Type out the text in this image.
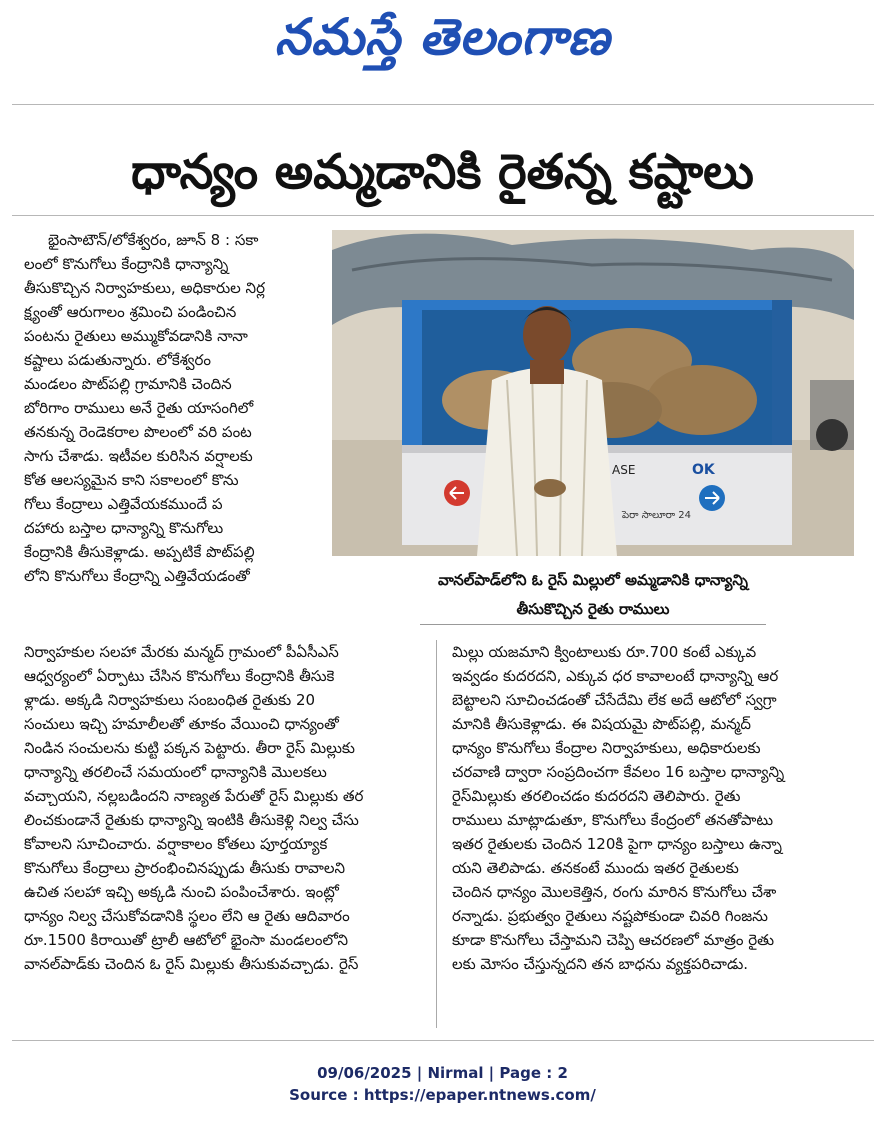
నమస్తే తెలంగాణ
ధాన్యం అమ్మడానికి రైతన్న కష్టాలు
భైంసాటౌన్/లోకేశ్వరం, జూన్ 8 : సకా
లంలో కొనుగోలు కేంద్రానికి ధాన్యాన్ని
తీసుకొచ్చిన నిర్వాహకులు, అధికారుల నిర్ల
క్ష్యంతో ఆరుగాలం శ్రమించి పండించిన
పంటను రైతులు అమ్ముకోవడానికి నానా
కష్టాలు పడుతున్నారు. లోకేశ్వరం
మండలం పొట్‌పల్లి గ్రామానికి చెందిన
బోరిగాం రాములు అనే రైతు యాసంగిలో
తనకున్న రెండెకరాల పొలంలో వరి పంట
సాగు చేశాడు. ఇటీవల కురిసిన వర్షాలకు
కోత ఆలస్యమైన కాని సకాలంలో కొను
గోలు కేంద్రాలు ఎత్తివేయకముందే ప
దహారు బస్తాల ధాన్యాన్ని కొనుగోలు
కేంద్రానికి తీసుకెళ్లాడు. అప్పటికే పొట్‌పల్లి
లోని కొనుగోలు కేంద్రాన్ని ఎత్తివేయడంతో
ASE	OK
పెరా సాలూరా 24
వానల్‌పాడ్‌లోని ఓ రైస్ మిల్లులో అమ్మడానికి ధాన్యాన్ని
తీసుకొచ్చిన రైతు రాములు
నిర్వాహకుల సలహా మేరకు మన్మద్ గ్రామంలో పీఏసీఎస్
ఆధ్వర్యంలో ఏర్పాటు చేసిన కొనుగోలు కేంద్రానికి తీసుకె
ళ్లాడు. అక్కడి నిర్వాహకులు సంబంధిత రైతుకు 20
సంచులు ఇచ్చి హమాలీలతో తూకం వేయించి ధాన్యంతో
నిండిన సంచులను కుట్టి పక్కన పెట్టారు. తీరా రైస్ మిల్లుకు
ధాన్యాన్ని తరలించే సమయంలో ధాన్యానికి మొలకలు
వచ్చాయని, నల్లబడిందని నాణ్యత పేరుతో రైస్ మిల్లుకు తర
లించకుండానే రైతుకు ధాన్యాన్ని ఇంటికి తీసుకెళ్లి నిల్వ చేసు
కోవాలని సూచించారు. వర్షాకాలం కోతలు పూర్తయ్యాక
కొనుగోలు కేంద్రాలు ప్రారంభించినప్పుడు తీసుకు రావాలని
ఉచిత సలహా ఇచ్చి అక్కడి నుంచి పంపించేశారు. ఇంట్లో
ధాన్యం నిల్వ చేసుకోవడానికి స్థలం లేని ఆ రైతు ఆదివారం
రూ.1500 కిరాయితో ట్రాలీ ఆటోలో భైంసా మండలంలోని
వానల్‌పాడ్‌కు చెందిన ఓ రైస్ మిల్లుకు తీసుకువచ్చాడు. రైస్
మిల్లు యజమాని క్వింటాలుకు రూ.700 కంటే ఎక్కువ
ఇవ్వడం కుదరదని, ఎక్కువ ధర కావాలంటే ధాన్యాన్ని ఆర
బెట్టాలని సూచించడంతో చేసేదేమి లేక అదే ఆటోలో స్వగ్రా
మానికి తీసుకెళ్లాడు. ఈ విషయమై పొట్‌పల్లి, మన్మద్
ధాన్యం కొనుగోలు కేంద్రాల నిర్వాహకులు, అధికారులకు
చరవాణి ద్వారా సంప్రదించగా కేవలం 16 బస్తాల ధాన్యాన్ని
రైస్‌మిల్లుకు తరలించడం కుదరదని తెలిపారు. రైతు
రాములు మాట్లాడుతూ, కొనుగోలు కేంద్రంలో తనతోపాటు
ఇతర రైతులకు చెందిన 120కి పైగా ధాన్యం బస్తాలు ఉన్నా
యని తెలిపాడు. తనకంటే ముందు ఇతర రైతులకు
చెందిన ధాన్యం మొలకెత్తిన, రంగు మారిన కొనుగోలు చేశా
రన్నాడు. ప్రభుత్వం రైతులు నష్టపోకుండా చివరి గింజను
కూడా కొనుగోలు చేస్తామని చెప్పి ఆచరణలో మాత్రం రైతు
లకు మోసం చేస్తున్నదని తన బాధను వ్యక్తపరిచాడు.
09/06/2025 | Nirmal | Page : 2
Source : https://epaper.ntnews.com/
